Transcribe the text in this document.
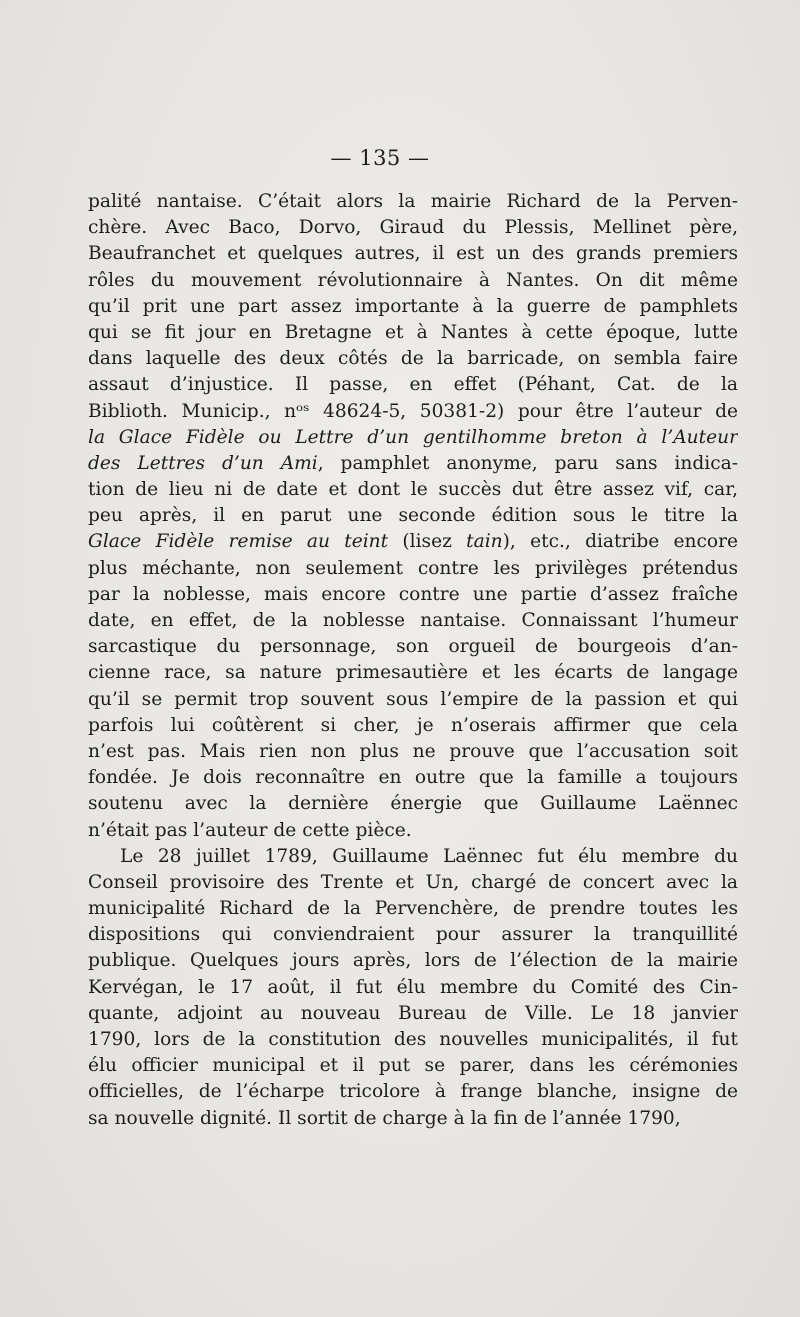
— 135 —
palité nantaise. C’était alors la mairie Richard de la Perven-
chère. Avec Baco, Dorvo, Giraud du Plessis, Mellinet père,
Beaufranchet et quelques autres, il est un des grands premiers
rôles du mouvement révolutionnaire à Nantes. On dit même
qu’il prit une part assez importante à la guerre de pamphlets
qui se fit jour en Bretagne et à Nantes à cette époque, lutte
dans laquelle des deux côtés de la barricade, on sembla faire
assaut d’injustice. Il passe, en effet (Péhant, Cat. de la
Biblioth. Municip., nᵒˢ 48624-5, 50381-2) pour être l’auteur de
la Glace Fidèle ou Lettre d’un gentilhomme breton à l’Auteur
des Lettres d’un Ami, pamphlet anonyme, paru sans indica-
tion de lieu ni de date et dont le succès dut être assez vif, car,
peu après, il en parut une seconde édition sous le titre la
Glace Fidèle remise au teint (lisez tain), etc., diatribe encore
plus méchante, non seulement contre les privilèges prétendus
par la noblesse, mais encore contre une partie d’assez fraîche
date, en effet, de la noblesse nantaise. Connaissant l’humeur
sarcastique du personnage, son orgueil de bourgeois d’an-
cienne race, sa nature primesautière et les écarts de langage
qu’il se permit trop souvent sous l’empire de la passion et qui
parfois lui coûtèrent si cher, je n’oserais affirmer que cela
n’est pas. Mais rien non plus ne prouve que l’accusation soit
fondée. Je dois reconnaître en outre que la famille a toujours
soutenu avec la dernière énergie que Guillaume Laënnec
n’était pas l’auteur de cette pièce.
Le 28 juillet 1789, Guillaume Laënnec fut élu membre du
Conseil provisoire des Trente et Un, chargé de concert avec la
municipalité Richard de la Pervenchère, de prendre toutes les
dispositions qui conviendraient pour assurer la tranquillité
publique. Quelques jours après, lors de l’élection de la mairie
Kervégan, le 17 août, il fut élu membre du Comité des Cin-
quante, adjoint au nouveau Bureau de Ville. Le 18 janvier
1790, lors de la constitution des nouvelles municipalités, il fut
élu officier municipal et il put se parer, dans les cérémonies
officielles, de l’écharpe tricolore à frange blanche, insigne de
sa nouvelle dignité. Il sortit de charge à la fin de l’année 1790,
